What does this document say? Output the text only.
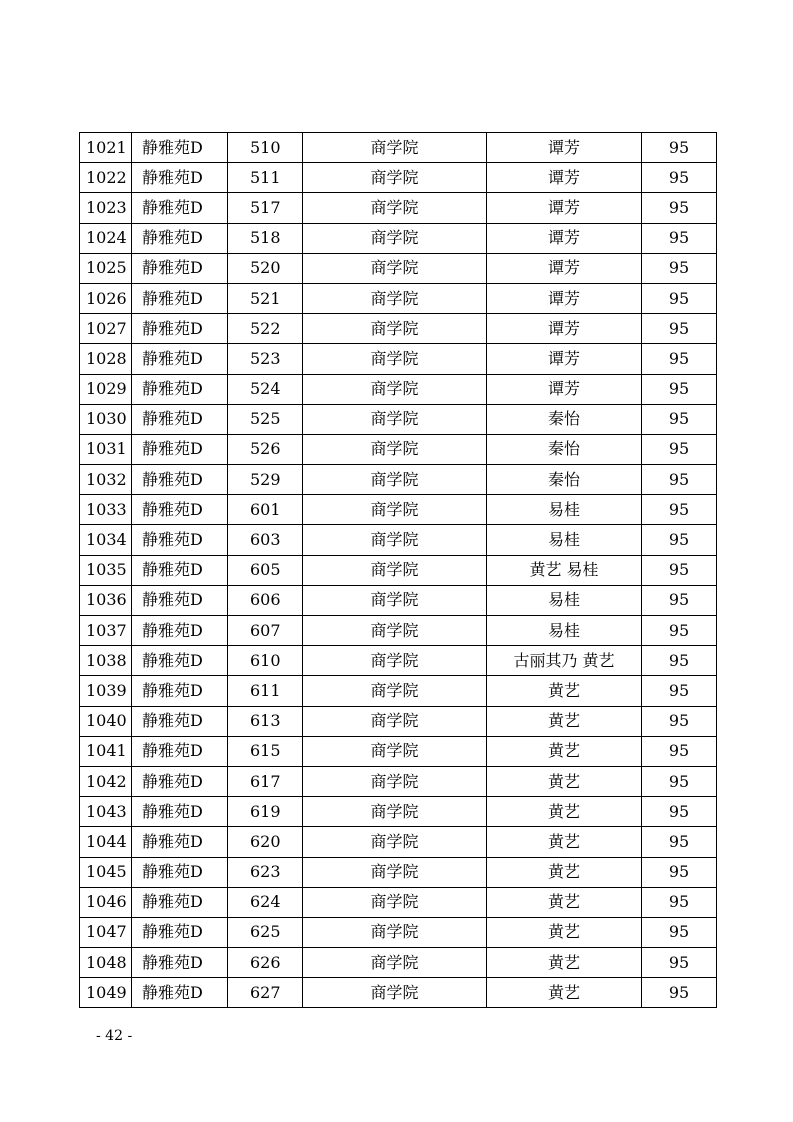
1021	静雅苑D	510	商学院	谭芳	95
1022	静雅苑D	511	商学院	谭芳	95
1023	静雅苑D	517	商学院	谭芳	95
1024	静雅苑D	518	商学院	谭芳	95
1025	静雅苑D	520	商学院	谭芳	95
1026	静雅苑D	521	商学院	谭芳	95
1027	静雅苑D	522	商学院	谭芳	95
1028	静雅苑D	523	商学院	谭芳	95
1029	静雅苑D	524	商学院	谭芳	95
1030	静雅苑D	525	商学院	秦怡	95
1031	静雅苑D	526	商学院	秦怡	95
1032	静雅苑D	529	商学院	秦怡	95
1033	静雅苑D	601	商学院	易桂	95
1034	静雅苑D	603	商学院	易桂	95
1035	静雅苑D	605	商学院	黄艺 易桂	95
1036	静雅苑D	606	商学院	易桂	95
1037	静雅苑D	607	商学院	易桂	95
1038	静雅苑D	610	商学院	古丽其乃 黄艺	95
1039	静雅苑D	611	商学院	黄艺	95
1040	静雅苑D	613	商学院	黄艺	95
1041	静雅苑D	615	商学院	黄艺	95
1042	静雅苑D	617	商学院	黄艺	95
1043	静雅苑D	619	商学院	黄艺	95
1044	静雅苑D	620	商学院	黄艺	95
1045	静雅苑D	623	商学院	黄艺	95
1046	静雅苑D	624	商学院	黄艺	95
1047	静雅苑D	625	商学院	黄艺	95
1048	静雅苑D	626	商学院	黄艺	95
1049	静雅苑D	627	商学院	黄艺	95
- 42 -
